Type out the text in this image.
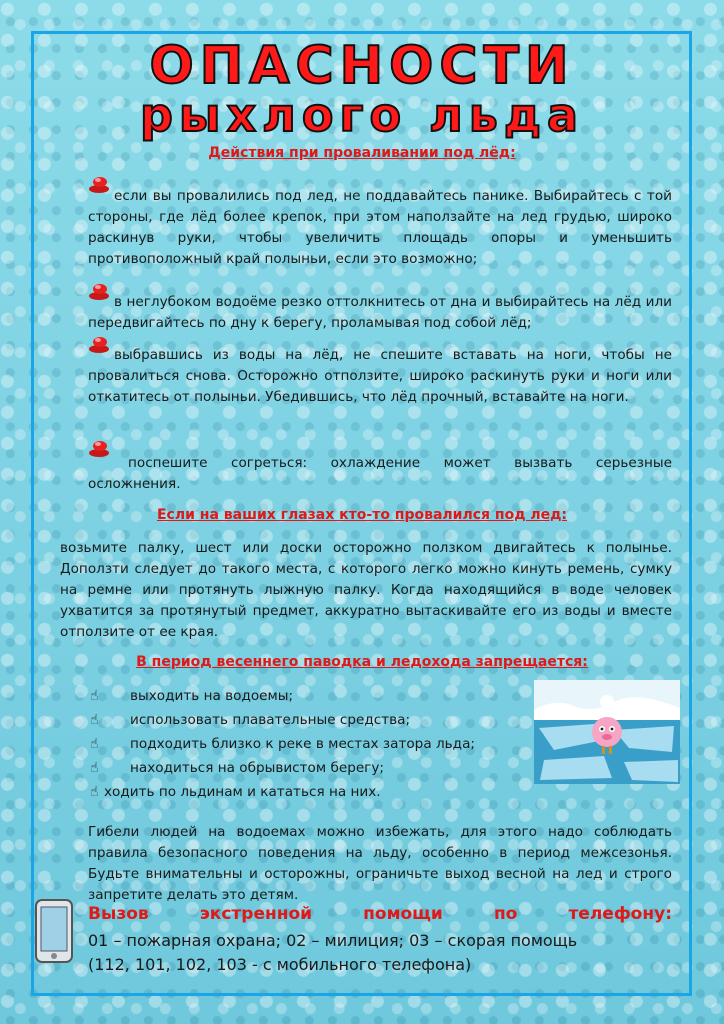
ОПАСНОСТИ
рыхлого льда
Действия при проваливании под лёд:
если вы провалились под лед, не поддавайтесь панике. Выбирайтесь с той стороны, где лёд более крепок, при этом наползайте на лед грудью, широко раскинув руки, чтобы увеличить площадь опоры и уменьшить противоположный край полыньи, если это возможно;
в неглубоком водоёме резко оттолкнитесь от дна и выбирайтесь на лёд или передвигайтесь по дну к берегу, проламывая под собой лёд;
выбравшись из воды на лёд, не спешите вставать на ноги, чтобы не провалиться снова. Осторожно отползите, широко раскинуть руки и ноги или откатитесь от полыньи. Убедившись, что лёд прочный, вставайте на ноги.
поспешите согреться: охлаждение может вызвать серьезные осложнения.
Если на ваших глазах кто-то провалился под лед:
возьмите палку, шест или доски осторожно ползком двигайтесь к полынье. Доползти следует до такого места, с которого легко можно кинуть ремень, сумку на ремне или протянуть лыжную палку. Когда находящийся в воде человек ухватится за протянутый предмет, аккуратно вытаскивайте его из воды и вместе отползите от ее края.
В период весеннего паводка и ледохода запрещается:
☝ выходить на водоемы;
☝ использовать плавательные средства;
☝ подходить близко к реке в местах затора льда;
☝ находиться на обрывистом берегу;
☝ ходить по льдинам и кататься на них.
Гибели людей на водоемах можно избежать, для этого надо соблюдать правила безопасного поведения на льду, особенно в период межсезонья. Будьте внимательны и осторожны, ограничьте выход весной на лед и строго запретите делать это детям.
Вызов	экстренной	помощи	по	телефону:
01 – пожарная охрана; 02 – милиция; 03 – скорая помощь
(112, 101, 102, 103 - с мобильного телефона)
